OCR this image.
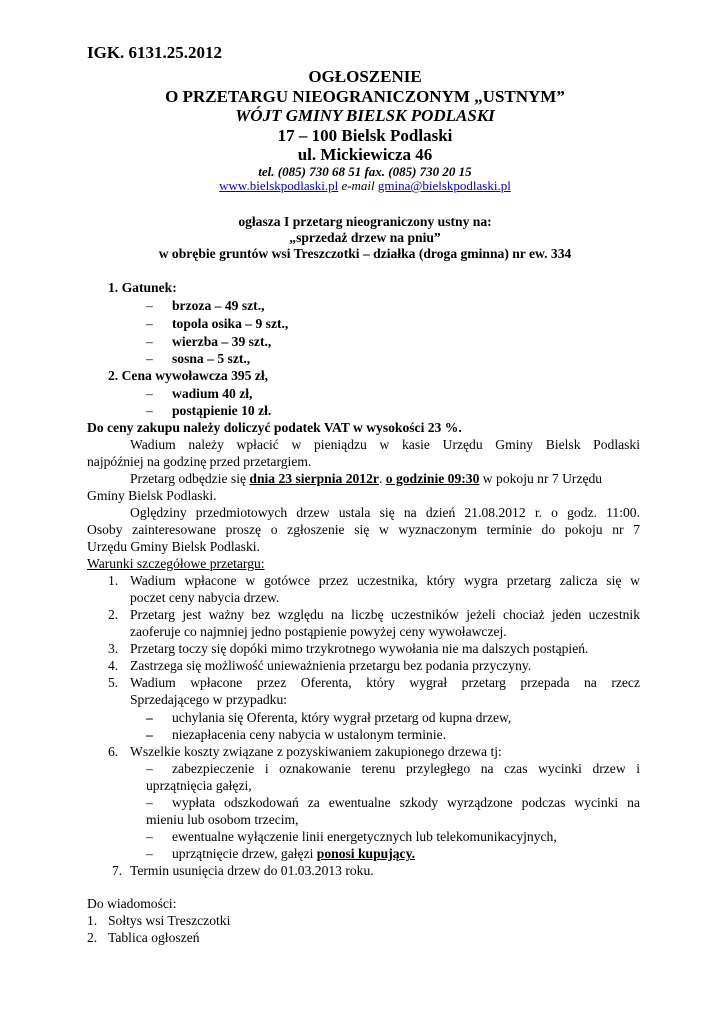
IGK. 6131.25.2012
OGŁOSZENIE
O PRZETARGU NIEOGRANICZONYM „USTNYM”
WÓJT GMINY BIELSK PODLASKI
17 – 100 Bielsk Podlaski
ul. Mickiewicza 46
tel. (085) 730 68 51 fax. (085) 730 20 15
www.bielskpodlaski.pl e-mail gmina@bielskpodlaski.pl
ogłasza I przetarg nieograniczony ustny na:
„sprzedaż drzew na pniu”
w obrębie gruntów wsi Treszczotki – działka (droga gminna) nr ew. 334
1. Gatunek:
– brzoza – 49 szt.,
– topola osika – 9 szt.,
– wierzba – 39 szt.,
– sosna – 5 szt.,
2. Cena wywoławcza 395 zł,
– wadium 40 zł,
– postąpienie 10 zł.
Do ceny zakupu należy doliczyć podatek VAT w wysokości 23 %.
Wadium należy wpłacić w pieniądzu w kasie Urzędu Gminy Bielsk Podlaski
najpóźniej na godzinę przed przetargiem.
Przetarg odbędzie się dnia 23 sierpnia 2012r. o godzinie 09:30 w pokoju nr 7 Urzędu
Gminy Bielsk Podlaski.
Oględziny przedmiotowych drzew ustala się na dzień 21.08.2012 r. o godz. 11:00.
Osoby zainteresowane proszę o zgłoszenie się w wyznaczonym terminie do pokoju nr 7
Urzędu Gminy Bielsk Podlaski.
Warunki szczegółowe przetargu:
1. Wadium wpłacone w gotówce przez uczestnika, który wygra przetarg zalicza się w
poczet ceny nabycia drzew.
2. Przetarg jest ważny bez względu na liczbę uczestników jeżeli chociaż jeden uczestnik
zaoferuje co najmniej jedno postąpienie powyżej ceny wywoławczej.
3. Przetarg toczy się dopóki mimo trzykrotnego wywołania nie ma dalszych postąpień.
4. Zastrzega się możliwość unieważnienia przetargu bez podania przyczyny.
5. Wadium wpłacone przez Oferenta, który wygrał przetarg przepada na rzecz
Sprzedającego w przypadku:
– uchylania się Oferenta, który wygrał przetarg od kupna drzew,
– niezapłacenia ceny nabycia w ustalonym terminie.
6. Wszelkie koszty związane z pozyskiwaniem zakupionego drzewa tj:
– zabezpieczenie i oznakowanie terenu przyległego na czas wycinki drzew i
uprzątnięcia gałęzi,
– wypłata odszkodowań za ewentualne szkody wyrządzone podczas wycinki na
mieniu lub osobom trzecim,
– ewentualne wyłączenie linii energetycznych lub telekomunikacyjnych,
– uprzątnięcie drzew, gałęzi ponosi kupujący.
7. Termin usunięcia drzew do 01.03.2013 roku.
Do wiadomości:
1. Sołtys wsi Treszczotki
2. Tablica ogłoszeń
